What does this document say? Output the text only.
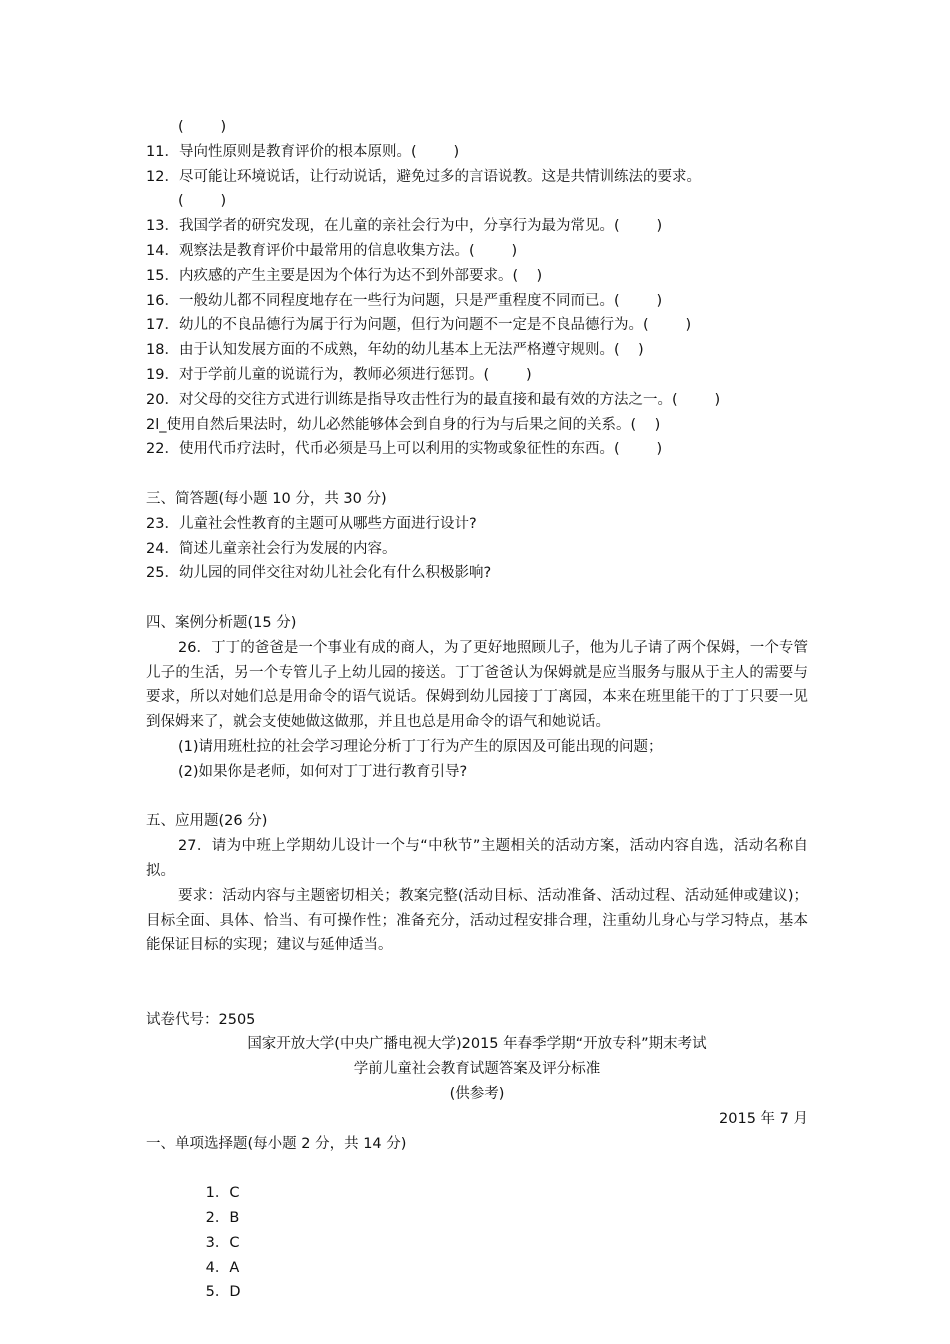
(        )
11．导向性原则是教育评价的根本原则。(        )
12．尽可能让环境说话，让行动说话，避免过多的言语说教。这是共情训练法的要求。
(        )
13．我国学者的研究发现，在儿童的亲社会行为中，分享行为最为常见。(        )
14．观察法是教育评价中最常用的信息收集方法。(        )
15．内疚感的产生主要是因为个体行为达不到外部要求。(    )
16．一般幼儿都不同程度地存在一些行为问题，只是严重程度不同而已。(        )
17．幼儿的不良品德行为属于行为问题，但行为问题不一定是不良品德行为。(        )
18．由于认知发展方面的不成熟，年幼的幼儿基本上无法严格遵守规则。(    )
19．对于学前儿童的说谎行为，教师必须进行惩罚。(        )
20．对父母的交往方式进行训练是指导攻击性行为的最直接和最有效的方法之一。(        )
2l_使用自然后果法时，幼儿必然能够体会到自身的行为与后果之间的关系。(    )
22．使用代币疗法时，代币必须是马上可以利用的实物或象征性的东西。(        )
三、简答题(每小题 10 分，共 30 分)
23．儿童社会性教育的主题可从哪些方面进行设计?
24．简述儿童亲社会行为发展的内容。
25．幼儿园的同伴交往对幼儿社会化有什么积极影响?
四、案例分析题(15 分)

26．丁丁的爸爸是一个事业有成的商人，为了更好地照顾儿子，他为儿子请了两个保姆，一个专管儿子的生活，另一个专管儿子上幼儿园的接送。丁丁爸爸认为保姆就是应当服务与服从于主人的需要与要求，所以对她们总是用命令的语气说话。保姆到幼儿园接丁丁离园，本来在班里能干的丁丁只要一见到保姆来了，就会支使她做这做那，并且也总是用命令的语气和她说话。

(1)请用班杜拉的社会学习理论分析丁丁行为产生的原因及可能出现的问题；
(2)如果你是老师，如何对丁丁进行教育引导?
五、应用题(26 分)

27．请为中班上学期幼儿设计一个与“中秋节”主题相关的活动方案，活动内容自选，活动名称自拟。

要求：活动内容与主题密切相关；教案完整(活动目标、活动准备、活动过程、活动延伸或建议)；目标全面、具体、恰当、有可操作性；准备充分，活动过程安排合理，注重幼儿身心与学习特点，基本能保证目标的实现；建议与延伸适当。

试卷代号：2505
国家开放大学(中央广播电视大学)2015 年春季学期“开放专科”期末考试
学前儿童社会教育试题答案及评分标准
(供参考)
2015 年 7 月
一、单项选择题(每小题 2 分，共 14 分)

1．C
2．B
3．C
4．A
5．D
